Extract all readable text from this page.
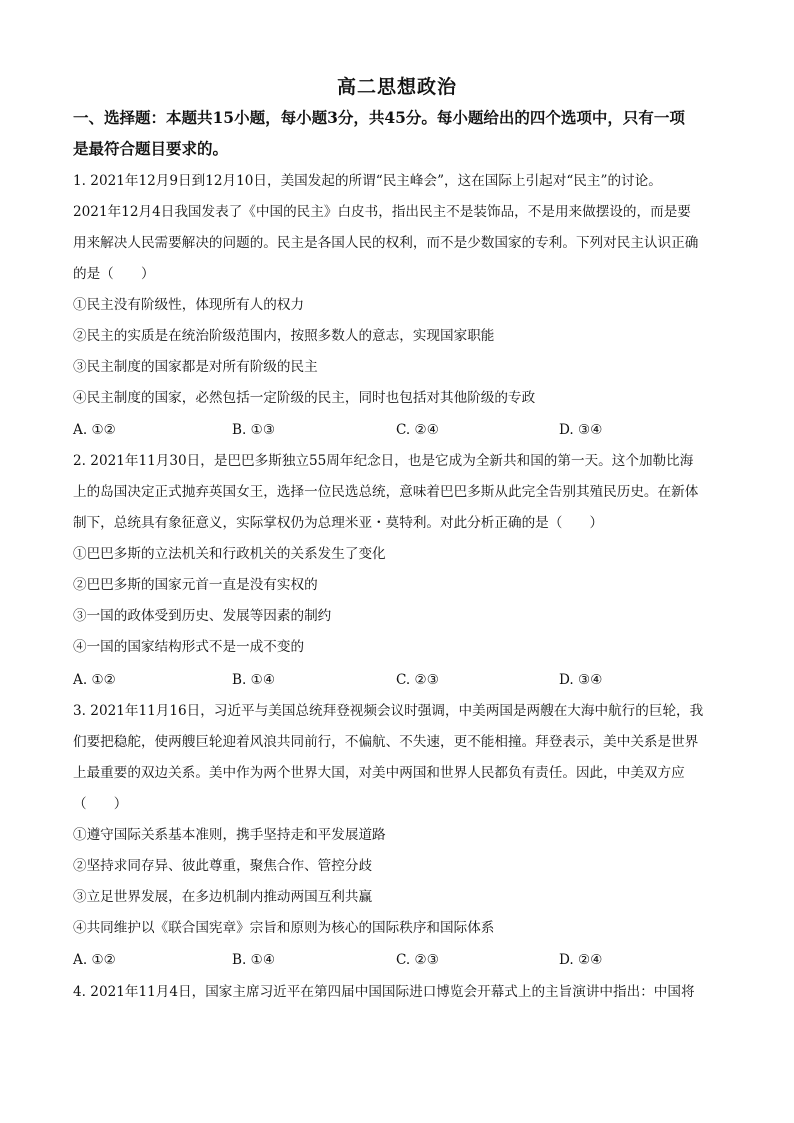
高二思想政治
一、选择题：本题共15小题，每小题3分，共45分。每小题给出的四个选项中，只有一项
是最符合题目要求的。
1. 2021年12月9日到12月10日，美国发起的所谓“民主峰会”，这在国际上引起对“民主”的讨论。
2021年12月4日我国发表了《中国的民主》白皮书，指出民主不是装饰品，不是用来做摆设的，而是要
用来解决人民需要解决的问题的。民主是各国人民的权利，而不是少数国家的专利。下列对民主认识正确
的是（　　）
①民主没有阶级性，体现所有人的权力
②民主的实质是在统治阶级范围内，按照多数人的意志，实现国家职能
③民主制度的国家都是对所有阶级的民主
④民主制度的国家，必然包括一定阶级的民主，同时也包括对其他阶级的专政
A. ①②	B. ①③	C. ②④	D. ③④
2. 2021年11月30日，是巴巴多斯独立55周年纪念日，也是它成为全新共和国的第一天。这个加勒比海
上的岛国决定正式抛弃英国女王，选择一位民选总统，意味着巴巴多斯从此完全告别其殖民历史。在新体
制下，总统具有象征意义，实际掌权仍为总理米亚・莫特利。对此分析正确的是（　　）
①巴巴多斯的立法机关和行政机关的关系发生了变化
②巴巴多斯的国家元首一直是没有实权的
③一国的政体受到历史、发展等因素的制约
④一国的国家结构形式不是一成不变的
A. ①②	B. ①④	C. ②③	D. ③④
3. 2021年11月16日，习近平与美国总统拜登视频会议时强调，中美两国是两艘在大海中航行的巨轮，我
们要把稳舵，使两艘巨轮迎着风浪共同前行，不偏航、不失速，更不能相撞。拜登表示，美中关系是世界
上最重要的双边关系。美中作为两个世界大国，对美中两国和世界人民都负有责任。因此，中美双方应
（　　）
①遵守国际关系基本准则，携手坚持走和平发展道路
②坚持求同存异、彼此尊重，聚焦合作、管控分歧
③立足世界发展，在多边机制内推动两国互利共赢
④共同维护以《联合国宪章》宗旨和原则为核心的国际秩序和国际体系
A. ①②	B. ①④	C. ②③	D. ②④
4. 2021年11月4日，国家主席习近平在第四届中国国际进口博览会开幕式上的主旨演讲中指出：中国将
